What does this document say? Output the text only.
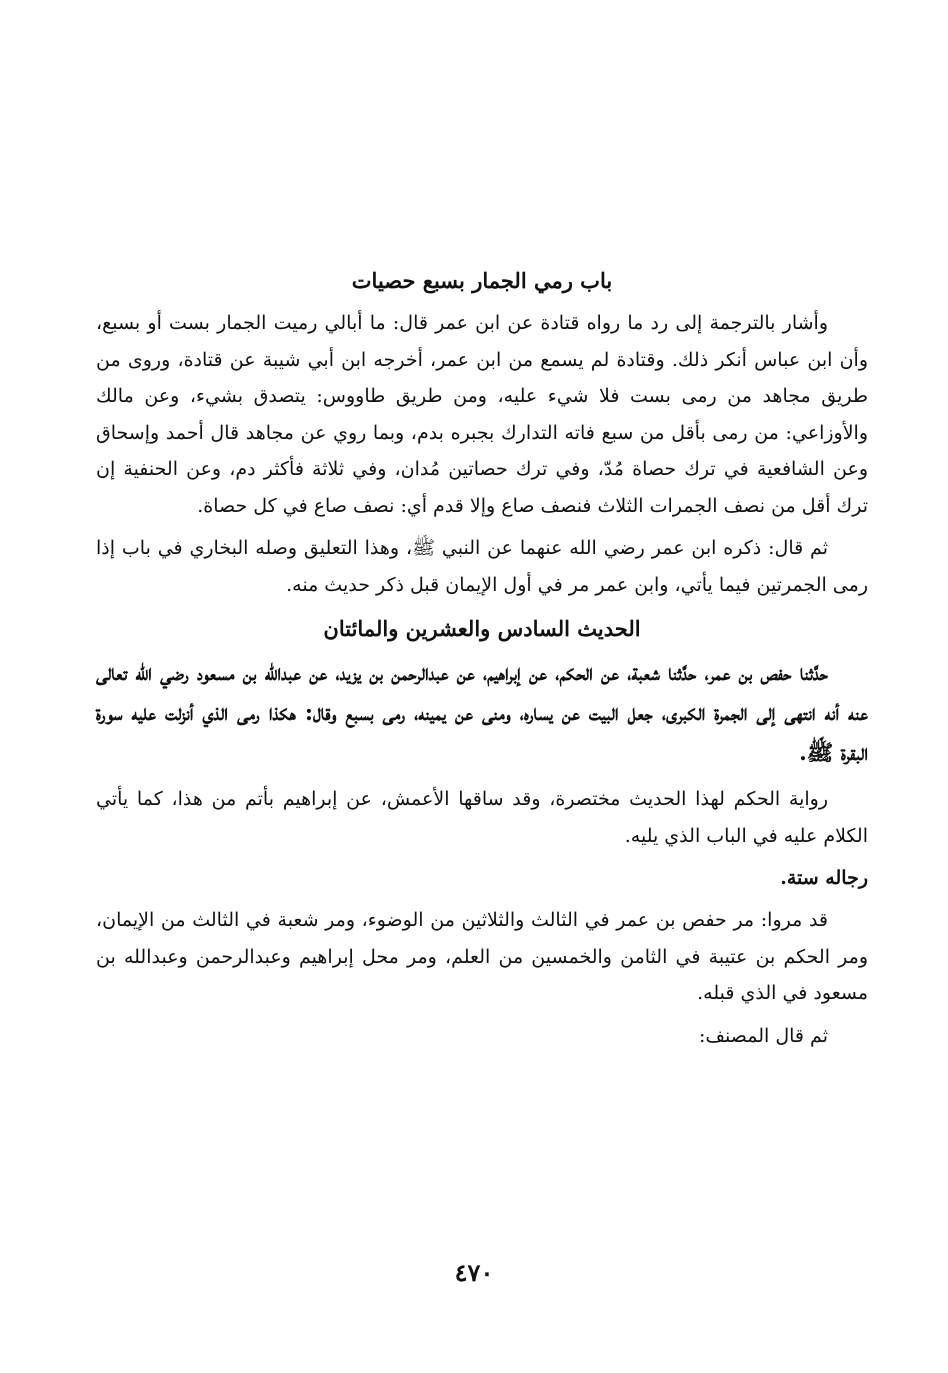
باب رمي الجمار بسبع حصيات

وأشار بالترجمة إلى رد ما رواه قتادة عن ابن عمر قال: ما أبالي رميت الجمار بست أو بسبع، وأن ابن عباس أنكر ذلك. وقتادة لم يسمع من ابن عمر، أخرجه ابن أبي شيبة عن قتادة، وروى من طريق مجاهد من رمى بست فلا شيء عليه، ومن طريق طاووس: يتصدق بشيء، وعن مالك والأوزاعي: من رمى بأقل من سبع فاته التدارك بجبره بدم، وبما روي عن مجاهد قال أحمد وإسحاق وعن الشافعية في ترك حصاة مُدّ، وفي ترك حصاتين مُدان، وفي ثلاثة فأكثر دم، وعن الحنفية إن ترك أقل من نصف الجمرات الثلاث فنصف صاع وإلا قدم أي: نصف صاع في كل حصاة.

ثم قال: ذكره ابن عمر رضي الله عنهما عن النبي ﷺ، وهذا التعليق وصله البخاري في باب إذا رمى الجمرتين فيما يأتي، وابن عمر مر في أول الإيمان قبل ذكر حديث منه.

الحديث السادس والعشرين والمائتان

حدَّثنا حفص بن عمر، حدَّثنا شعبة، عن الحكم، عن إبراهيم، عن عبدالرحمن بن يزيد، عن عبدالله بن مسعود رضي الله تعالى عنه أنه انتهى إلى الجمرة الكبرى، جعل البيت عن يساره، ومنى عن يمينه، رمى بسبع وقال: هكذا رمى الذي أنزلت عليه سورة البقرة ﷺ.

رواية الحكم لهذا الحديث مختصرة، وقد ساقها الأعمش، عن إبراهيم بأتم من هذا، كما يأتي الكلام عليه في الباب الذي يليه.

رجاله ستة.

قد مروا: مر حفص بن عمر في الثالث والثلاثين من الوضوء، ومر شعبة في الثالث من الإيمان، ومر الحكم بن عتيبة في الثامن والخمسين من العلم، ومر محل إبراهيم وعبدالرحمن وعبدالله بن مسعود في الذي قبله.

ثم قال المصنف:

٤٧٠
